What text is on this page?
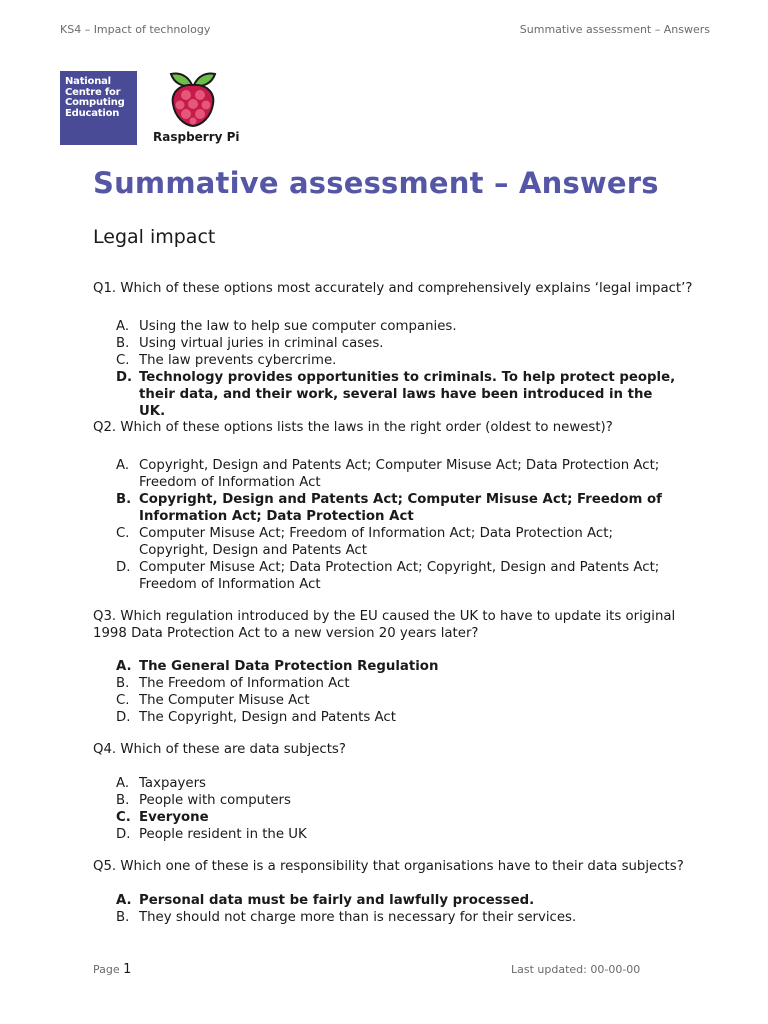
KS4 – Impact of technology	Summative assessment – Answers
National
Centre for
Computing
Education
Raspberry Pi
Summative assessment – Answers
Legal impact

Q1. Which of these options most accurately and comprehensively explains ‘legal impact’?

A. Using the law to help sue computer companies.
B. Using virtual juries in criminal cases.
C. The law prevents cybercrime.
D. Technology provides opportunities to criminals. To help protect people, their data, and their work, several laws have been introduced in the UK.

Q2. Which of these options lists the laws in the right order (oldest to newest)?

A. Copyright, Design and Patents Act; Computer Misuse Act; Data Protection Act; Freedom of Information Act
B. Copyright, Design and Patents Act; Computer Misuse Act; Freedom of Information Act; Data Protection Act
C. Computer Misuse Act; Freedom of Information Act; Data Protection Act; Copyright, Design and Patents Act
D. Computer Misuse Act; Data Protection Act; Copyright, Design and Patents Act; Freedom of Information Act

Q3. Which regulation introduced by the EU caused the UK to have to update its original 1998 Data Protection Act to a new version 20 years later?

A. The General Data Protection Regulation
B. The Freedom of Information Act
C. The Computer Misuse Act
D. The Copyright, Design and Patents Act

Q4. Which of these are data subjects?

A. Taxpayers
B. People with computers
C. Everyone
D. People resident in the UK

Q5. Which one of these is a responsibility that organisations have to their data subjects?

A. Personal data must be fairly and lawfully processed.
B. They should not charge more than is necessary for their services.
Page 1	Last updated: 00-00-00
